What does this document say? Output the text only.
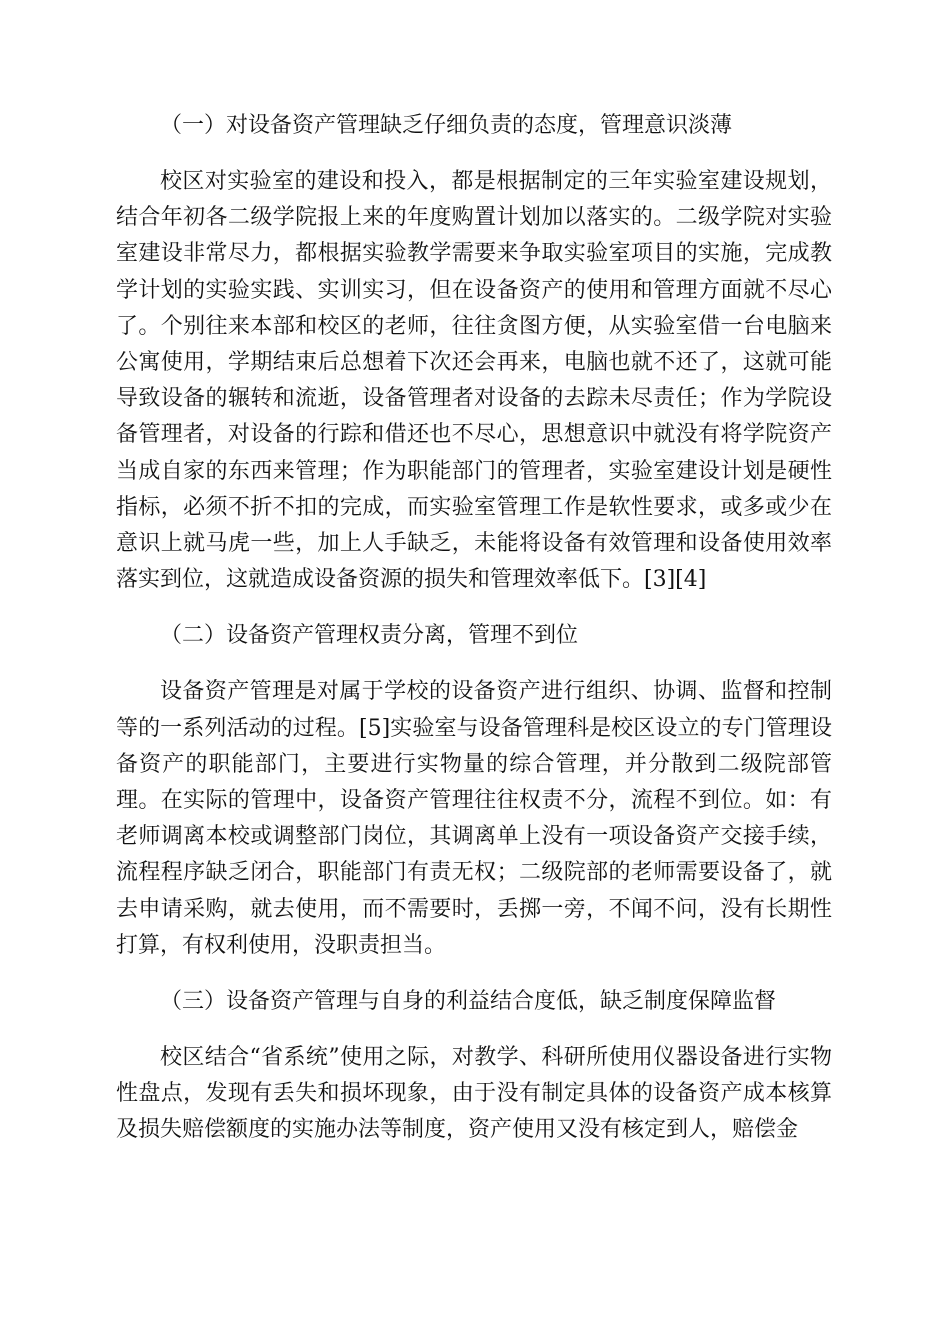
（一）对设备资产管理缺乏仔细负责的态度，管理意识淡薄

校区对实验室的建设和投入，都是根据制定的三年实验室建设规划，结合年初各二级学院报上来的年度购置计划加以落实的。二级学院对实验室建设非常尽力，都根据实验教学需要来争取实验室项目的实施，完成教学计划的实验实践、实训实习，但在设备资产的使用和管理方面就不尽心了。个别往来本部和校区的老师，往往贪图方便，从实验室借一台电脑来公寓使用，学期结束后总想着下次还会再来，电脑也就不还了，这就可能导致设备的辗转和流逝，设备管理者对设备的去踪未尽责任；作为学院设备管理者，对设备的行踪和借还也不尽心，思想意识中就没有将学院资产当成自家的东西来管理；作为职能部门的管理者，实验室建设计划是硬性指标，必须不折不扣的完成，而实验室管理工作是软性要求，或多或少在意识上就马虎一些，加上人手缺乏，未能将设备有效管理和设备使用效率落实到位，这就造成设备资源的损失和管理效率低下。[3][4]

（二）设备资产管理权责分离，管理不到位

设备资产管理是对属于学校的设备资产进行组织、协调、监督和控制等的一系列活动的过程。[5]实验室与设备管理科是校区设立的专门管理设备资产的职能部门，主要进行实物量的综合管理，并分散到二级院部管理。在实际的管理中，设备资产管理往往权责不分，流程不到位。如：有老师调离本校或调整部门岗位，其调离单上没有一项设备资产交接手续，流程程序缺乏闭合，职能部门有责无权；二级院部的老师需要设备了，就去申请采购，就去使用，而不需要时，丢掷一旁，不闻不问，没有长期性打算，有权利使用，没职责担当。

（三）设备资产管理与自身的利益结合度低，缺乏制度保障监督

校区结合“省系统”使用之际，对教学、科研所使用仪器设备进行实物性盘点，发现有丢失和损坏现象，由于没有制定具体的设备资产成本核算及损失赔偿额度的实施办法等制度，资产使用又没有核定到人，赔偿金
